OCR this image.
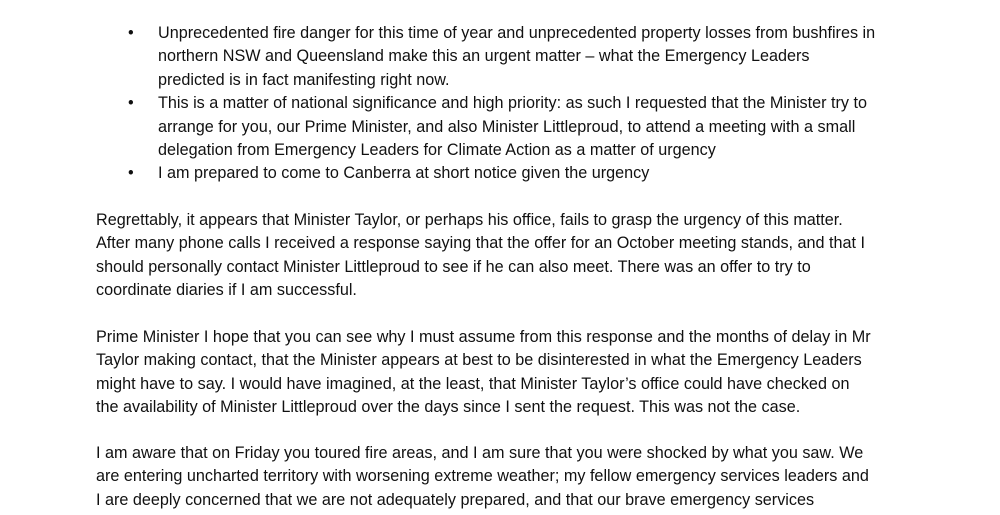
• Unprecedented fire danger for this time of year and unprecedented property losses from bushfires in
northern NSW and Queensland make this an urgent matter – what the Emergency Leaders
predicted is in fact manifesting right now.
• This is a matter of national significance and high priority: as such I requested that the Minister try to
arrange for you, our Prime Minister, and also Minister Littleproud, to attend a meeting with a small
delegation from Emergency Leaders for Climate Action as a matter of urgency
• I am prepared to come to Canberra at short notice given the urgency

Regrettably, it appears that Minister Taylor, or perhaps his office, fails to grasp the urgency of this matter.
After many phone calls I received a response saying that the offer for an October meeting stands, and that I
should personally contact Minister Littleproud to see if he can also meet. There was an offer to try to
coordinate diaries if I am successful.

Prime Minister I hope that you can see why I must assume from this response and the months of delay in Mr
Taylor making contact, that the Minister appears at best to be disinterested in what the Emergency Leaders
might have to say. I would have imagined, at the least, that Minister Taylor’s office could have checked on
the availability of Minister Littleproud over the days since I sent the request. This was not the case.

I am aware that on Friday you toured fire areas, and I am sure that you were shocked by what you saw. We
are entering uncharted territory with worsening extreme weather; my fellow emergency services leaders and
I are deeply concerned that we are not adequately prepared, and that our brave emergency services
